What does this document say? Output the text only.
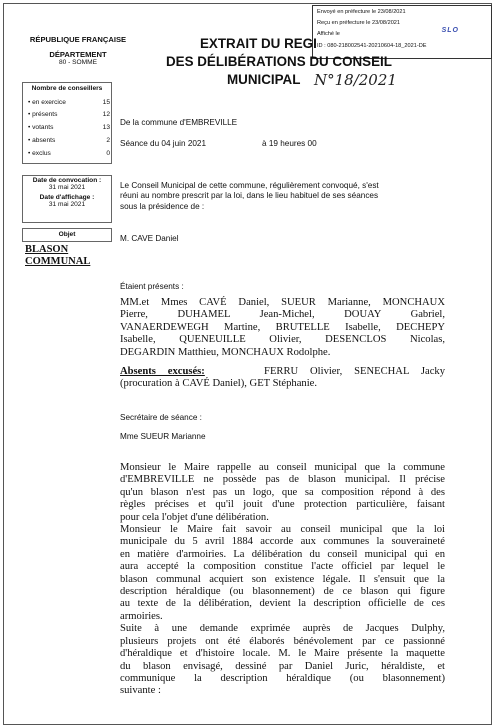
Envoyé en préfecture le 23/08/2021
Reçu en préfecture le 23/08/2021
Affiché le	SLO
ID : 080-218002541-20210604-18_2021-DE
EXTRAIT DU REGI
DES DÉLIBÉRATIONS DU CONSEIL
MUNICIPAL N°18/2021
RÉPUBLIQUE FRANÇAISE
DÉPARTEMENT
80 - SOMME
Nombre de conseillers
• en exercice	15
• présents	12
• votants	13
• absents	2
• exclus	0
Date de convocation :
31 mai 2021
Date d'affichage :
31 mai 2021
Objet
BLASON
COMMUNAL
De la commune d'EMBREVILLE
Séance du 04 juin 2021	à 19 heures 00
Le Conseil Municipal de cette commune, régulièrement convoqué, s'est
réuni au nombre prescrit par la loi, dans le lieu habituel de ses séances
sous la présidence de :
M. CAVE Daniel
Étaient présents :
MM.et Mmes CAVÉ Daniel, SUEUR Marianne, MONCHAUX
Pierre,     DUHAMEL     Jean-Michel,     DOUAY     Gabriel,
VANAERDEWEGH Martine, BRUTELLE Isabelle, DECHEPY
Isabelle,     QUENEUILLE     Olivier,     DESENCLOS     Nicolas,
DEGARDIN Matthieu, MONCHAUX Rodolphe.
Absents excusés:	FERRU Olivier, SENECHAL Jacky
(procuration à CAVÉ Daniel), GET Stéphanie.
Secrétaire de séance :
Mme SUEUR Marianne
Monsieur le Maire rappelle au conseil municipal que la commune
d'EMBREVILLE ne possède pas de blason municipal. Il précise
qu'un blason n'est pas un logo, que sa composition répond à des
règles précises et qu'il jouit d'une protection particulière, faisant
pour cela l'objet d'une délibération.
Monsieur le Maire fait savoir au conseil municipal que la loi
municipale du 5 avril 1884 accorde aux communes la souveraineté
en matière d'armoiries. La délibération du conseil municipal qui en
aura accepté la composition constitue l'acte officiel par lequel le
blason communal acquiert son existence légale. Il s'ensuit que la
description héraldique (ou blasonnement) de ce blason qui figure
au texte de la délibération, devient la description officielle de ces
armoiries.
Suite à une demande exprimée auprès de Jacques Dulphy,
plusieurs projets ont été élaborés bénévolement par ce passionné
d'héraldique et d'histoire locale. M. le Maire présente la maquette
du blason envisagé, dessiné par Daniel Juric, héraldiste, et
communique la description héraldique (ou blasonnement)
suivante :
